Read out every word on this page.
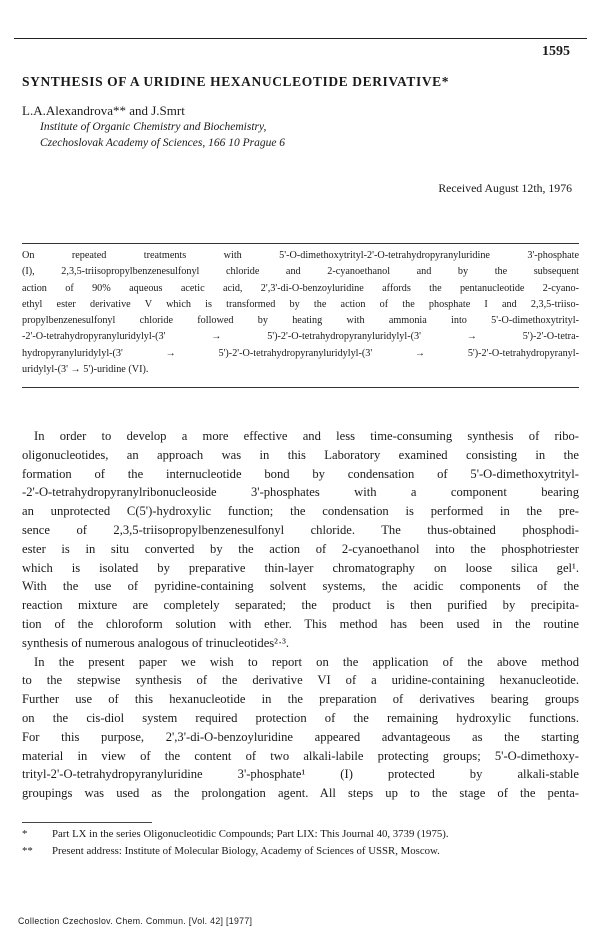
1595
SYNTHESIS OF A URIDINE HEXANUCLEOTIDE DERIVATIVE*
L.A.Alexandrova** and J.Smrt
Institute of Organic Chemistry and Biochemistry,
Czechoslovak Academy of Sciences, 166 10 Prague 6
Received August 12th, 1976
On repeated treatments with 5'-O-dimethoxytrityl-2'-O-tetrahydropyranyluridine 3'-phosphate
(I), 2,3,5-triisopropylbenzenesulfonyl chloride and 2-cyanoethanol and by the subsequent
action of 90% aqueous acetic acid, 2',3'-di-O-benzoyluridine affords the pentanucleotide 2-cyano-
ethyl ester derivative V which is transformed by the action of the phosphate I and 2,3,5-triiso-
propylbenzenesulfonyl chloride followed by heating with ammonia into 5'-O-dimethoxytrityl-
-2'-O-tetrahydropyranyluridylyl-(3' → 5')-2'-O-tetrahydropyranyluridylyl-(3' → 5')-2'-O-tetra-
hydropyranyluridylyl-(3' → 5')-2'-O-tetrahydropyranyluridylyl-(3' → 5')-2'-O-tetrahydropyranyl-
uridylyl-(3' → 5')-uridine (VI).
In order to develop a more effective and less time-consuming synthesis of ribo-
oligonucleotides, an approach was in this Laboratory examined consisting in the
formation of the internucleotide bond by condensation of 5'-O-dimethoxytrityl-
-2'-O-tetrahydropyranylribonucleoside 3'-phosphates with a component bearing
an unprotected C(5')-hydroxylic function; the condensation is performed in the pre-
sence of 2,3,5-triisopropylbenzenesulfonyl chloride. The thus-obtained phosphodi-
ester is in situ converted by the action of 2-cyanoethanol into the phosphotriester
which is isolated by preparative thin-layer chromatography on loose silica gel¹.
With the use of pyridine-containing solvent systems, the acidic components of the
reaction mixture are completely separated; the product is then purified by precipita-
tion of the chloroform solution with ether. This method has been used in the routine
synthesis of numerous analogous of trinucleotides²·³.
In the present paper we wish to report on the application of the above method
to the stepwise synthesis of the derivative VI of a uridine-containing hexanucleotide.
Further use of this hexanucleotide in the preparation of derivatives bearing groups
on the cis-diol system required protection of the remaining hydroxylic functions.
For this purpose, 2',3'-di-O-benzoyluridine appeared advantageous as the starting
material in view of the content of two alkali-labile protecting groups; 5'-O-dimethoxy-
trityl-2'-O-tetrahydropyranyluridine 3'-phosphate¹ (I) protected by alkali-stable
groupings was used as the prolongation agent. All steps up to the stage of the penta-
*	Part LX in the series Oligonucleotidic Compounds; Part LIX: This Journal 40, 3739 (1975).
**	Present address: Institute of Molecular Biology, Academy of Sciences of USSR, Moscow.
Collection Czechoslov. Chem. Commun. [Vol. 42] [1977]
